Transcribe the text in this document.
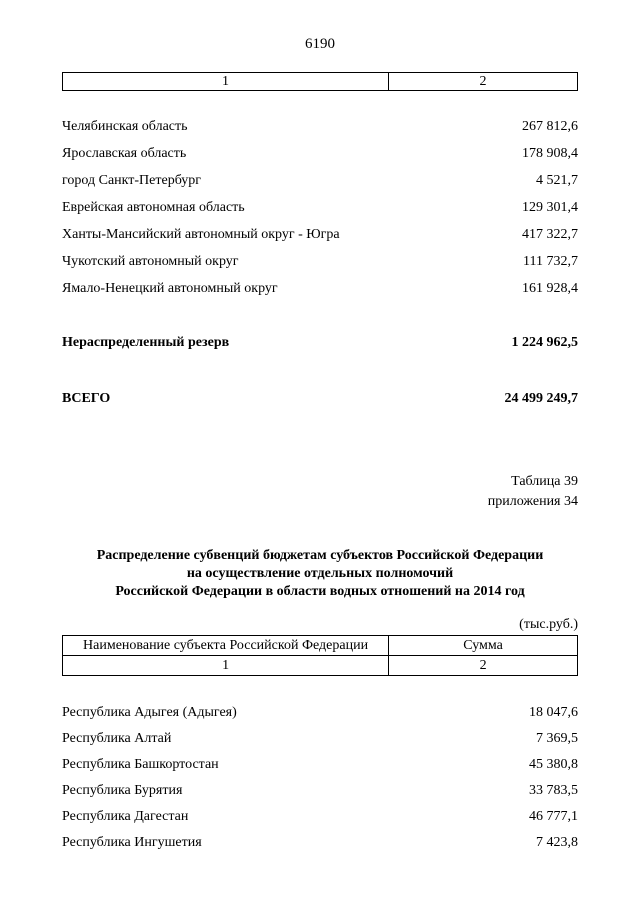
6190
1	2
Челябинская область	267 812,6
Ярославская область	178 908,4
город Санкт-Петербург	4 521,7
Еврейская автономная область	129 301,4
Ханты-Мансийский автономный округ - Югра	417 322,7
Чукотский автономный округ	111 732,7
Ямало-Ненецкий автономный округ	161 928,4
Нераспределенный резерв	1 224 962,5
ВСЕГО	24 499 249,7
Таблица 39
приложения 34
Распределение субвенций бюджетам субъектов Российской Федерации
на осуществление отдельных полномочий
Российской Федерации в области водных отношений на 2014 год
(тыс.руб.)
Наименование субъекта Российской Федерации	Сумма
1	2
Республика Адыгея (Адыгея)	18 047,6
Республика Алтай	7 369,5
Республика Башкортостан	45 380,8
Республика Бурятия	33 783,5
Республика Дагестан	46 777,1
Республика Ингушетия	7 423,8
